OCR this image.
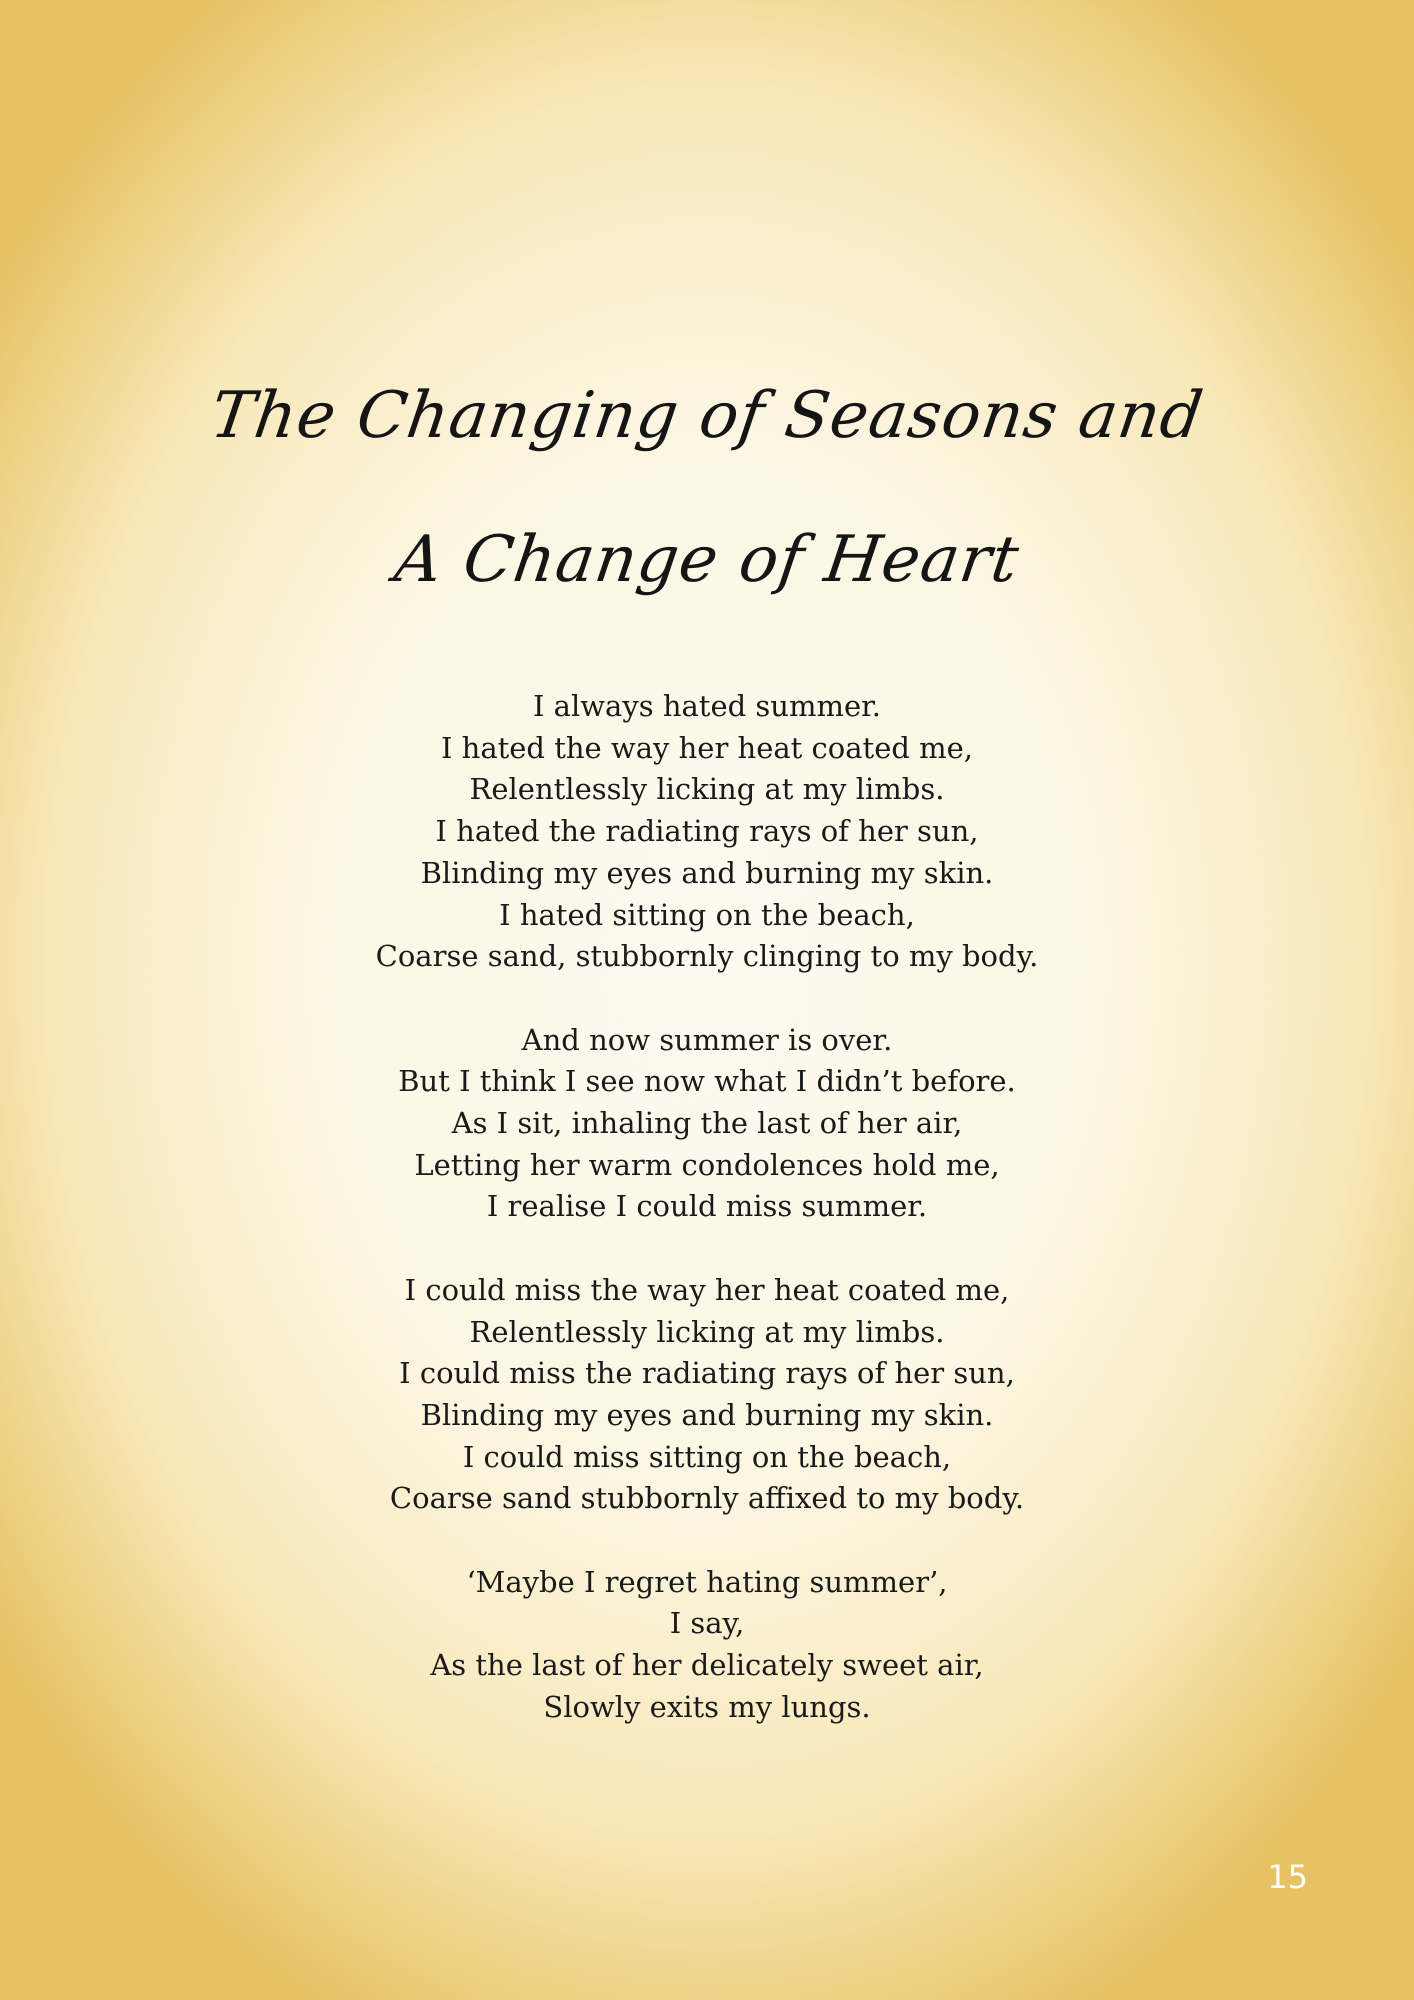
The Changing of Seasons and
A Change of Heart
I always hated summer.
I hated the way her heat coated me,
Relentlessly licking at my limbs.
I hated the radiating rays of her sun,
Blinding my eyes and burning my skin.
I hated sitting on the beach,
Coarse sand, stubbornly clinging to my body.
And now summer is over.
But I think I see now what I didn’t before.
As I sit, inhaling the last of her air,
Letting her warm condolences hold me,
I realise I could miss summer.
I could miss the way her heat coated me,
Relentlessly licking at my limbs.
I could miss the radiating rays of her sun,
Blinding my eyes and burning my skin.
I could miss sitting on the beach,
Coarse sand stubbornly affixed to my body.
‘Maybe I regret hating summer’,
I say,
As the last of her delicately sweet air,
Slowly exits my lungs.
15
